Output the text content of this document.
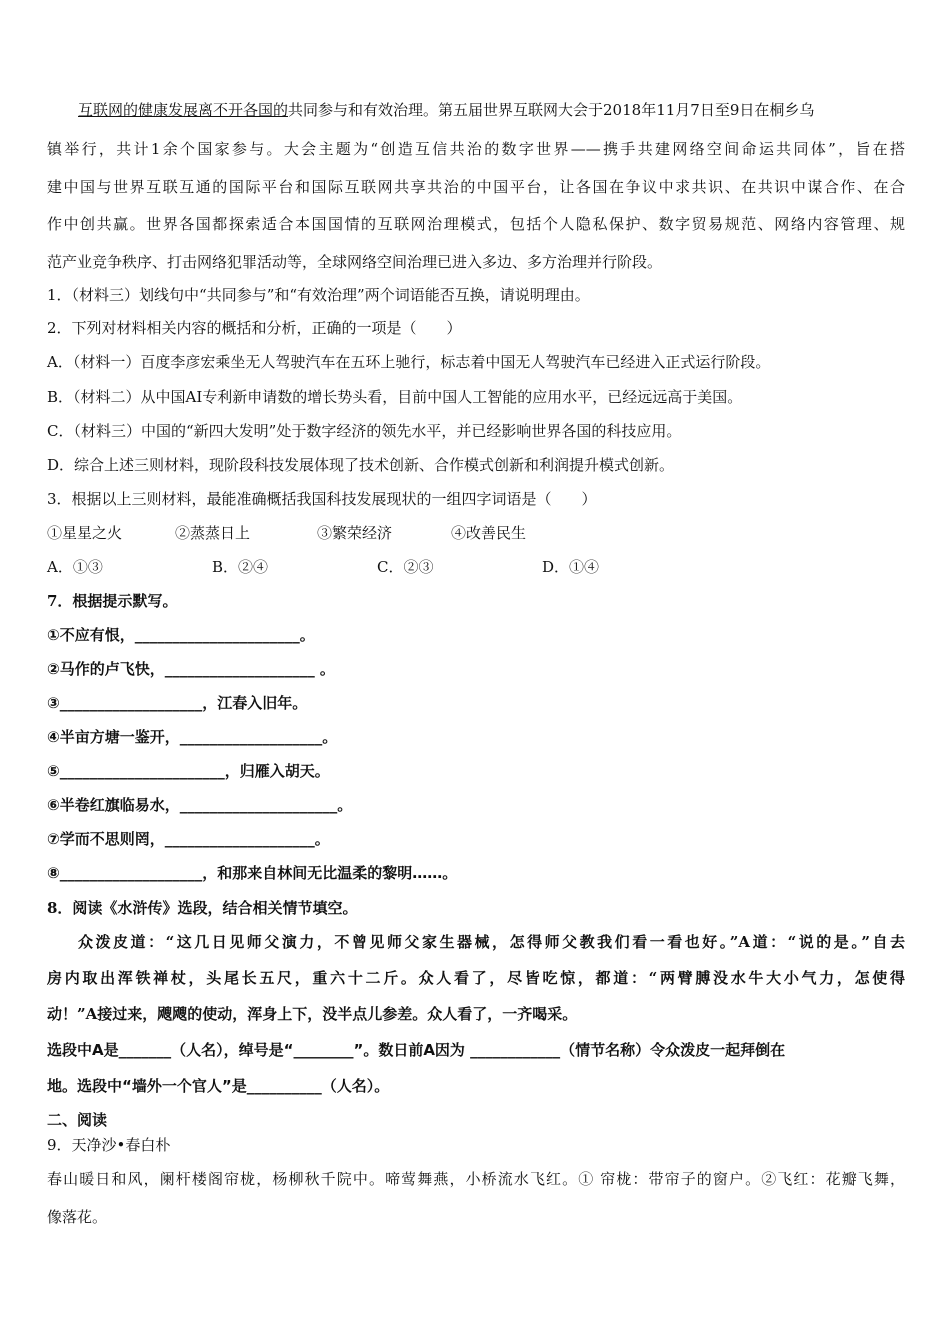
互联网的健康发展离不开各国的共同参与和有效治理。第五届世界互联网大会于2018年11月7日至9日在桐乡乌
镇举行，共计1余个国家参与。大会主题为“创造互信共治的数字世界——携手共建网络空间命运共同体”，旨在搭
建中国与世界互联互通的国际平台和国际互联网共享共治的中国平台，让各国在争议中求共识、在共识中谋合作、在合
作中创共赢。世界各国都探索适合本国国情的互联网治理模式，包括个人隐私保护、数字贸易规范、网络内容管理、规
范产业竞争秩序、打击网络犯罪活动等，全球网络空间治理已进入多边、多方治理并行阶段。
1．（材料三）划线句中“共同参与”和“有效治理”两个词语能否互换，请说明理由。
2．下列对材料相关内容的概括和分析，正确的一项是（　　）
A．（材料一）百度李彦宏乘坐无人驾驶汽车在五环上驰行，标志着中国无人驾驶汽车已经进入正式运行阶段。
B．（材料二）从中国AI专利新申请数的增长势头看，目前中国人工智能的应用水平，已经远远高于美国。
C．（材料三）中国的“新四大发明”处于数字经济的领先水平，并已经影响世界各国的科技应用。
D．综合上述三则材料，现阶段科技发展体现了技术创新、合作模式创新和利润提升模式创新。
3．根据以上三则材料，最能准确概括我国科技发展现状的一组四字词语是（　　）
①星星之火	②蒸蒸日上	③繁荣经济	④改善民生
A．①③	B．②④	C．②③	D．①④
7．根据提示默写。
①不应有恨，______________________。
②马作的卢飞快，____________________ 。
③___________________，江春入旧年。
④半亩方塘一鉴开，___________________。
⑤______________________，归雁入胡天。
⑥半卷红旗临易水，_____________________。
⑦学而不思则罔，____________________。
⑧___________________，和那来自林间无比温柔的黎明……。
8．阅读《水浒传》选段，结合相关情节填空。
众泼皮道：“这几日见师父演力，不曾见师父家生器械，怎得师父教我们看一看也好。”A道：“说的是。”自去
房内取出浑铁禅杖，头尾长五尺，重六十二斤。众人看了，尽皆吃惊，都道：“两臂膊没水牛大小气力，怎使得
动！”A接过来，飕飕的使动，浑身上下，没半点儿参差。众人看了，一齐喝采。
选段中A是_______（人名），绰号是“________”。数日前A因为 ____________（情节名称）令众泼皮一起拜倒在
地。选段中“墙外一个官人”是__________（人名）。
二、阅读
9．天净沙•春白朴
春山暖日和风，阑杆楼阁帘栊，杨柳秋千院中。啼莺舞燕，小桥流水飞红。① 帘栊：带帘子的窗户。②飞红：花瓣飞舞，
像落花。
